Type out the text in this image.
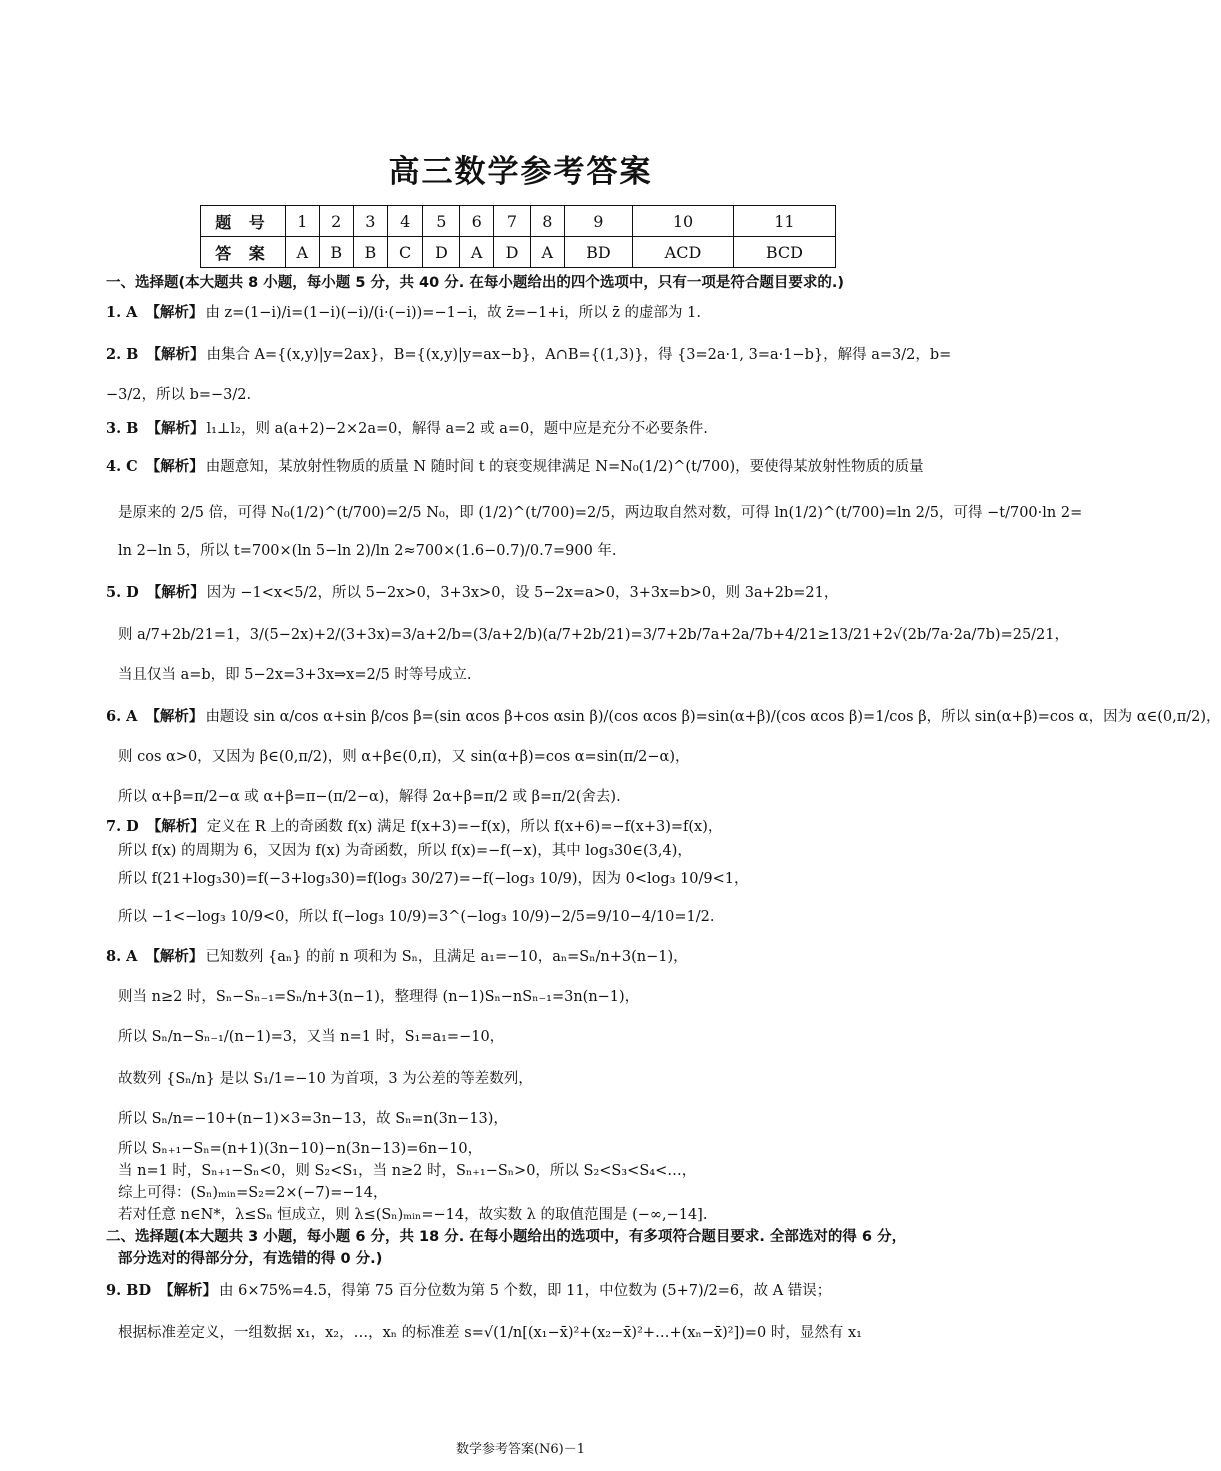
高三数学参考答案
题 号	1	2	3	4	5	6	7	8	9	10	11
答 案	A	B	B	C	D	A	D	A	BD	ACD	BCD
一、选择题(本大题共 8 小题，每小题 5 分，共 40 分. 在每小题给出的四个选项中，只有一项是符合题目要求的.)
1. A 【解析】 由 z=(1−i)/i=(1−i)(−i)/(i·(−i))=−1−i，故 z̄=−1+i，所以 z̄ 的虚部为 1.
2. B 【解析】 由集合 A={(x,y)|y=2ax}，B={(x,y)|y=ax−b}，A∩B={(1,3)}，得 {3=2a·1, 3=a·1−b}，解得 a=3/2，b=
−3/2，所以 b=−3/2.
3. B 【解析】 l₁⊥l₂，则 a(a+2)−2×2a=0，解得 a=2 或 a=0，题中应是充分不必要条件.
4. C 【解析】 由题意知，某放射性物质的质量 N 随时间 t 的衰变规律满足 N=N₀(1/2)^(t/700)，要使得某放射性物质的质量
是原来的 2/5 倍，可得 N₀(1/2)^(t/700)=2/5 N₀，即 (1/2)^(t/700)=2/5，两边取自然对数，可得 ln(1/2)^(t/700)=ln 2/5，可得 −t/700·ln 2=
ln 2−ln 5，所以 t=700×(ln 5−ln 2)/ln 2≈700×(1.6−0.7)/0.7=900 年.
5. D 【解析】 因为 −1<x<5/2，所以 5−2x>0，3+3x>0，设 5−2x=a>0，3+3x=b>0，则 3a+2b=21，
则 a/7+2b/21=1，3/(5−2x)+2/(3+3x)=3/a+2/b=(3/a+2/b)(a/7+2b/21)=3/7+2b/7a+2a/7b+4/21≥13/21+2√(2b/7a·2a/7b)=25/21，
当且仅当 a=b，即 5−2x=3+3x⇒x=2/5 时等号成立.
6. A 【解析】 由题设 sin α/cos α+sin β/cos β=(sin αcos β+cos αsin β)/(cos αcos β)=sin(α+β)/(cos αcos β)=1/cos β，所以 sin(α+β)=cos α，因为 α∈(0,π/2)，
则 cos α>0，又因为 β∈(0,π/2)，则 α+β∈(0,π)，又 sin(α+β)=cos α=sin(π/2−α)，
所以 α+β=π/2−α 或 α+β=π−(π/2−α)，解得 2α+β=π/2 或 β=π/2(舍去).
7. D 【解析】 定义在 R 上的奇函数 f(x) 满足 f(x+3)=−f(x)，所以 f(x+6)=−f(x+3)=f(x)，
所以 f(x) 的周期为 6，又因为 f(x) 为奇函数，所以 f(x)=−f(−x)，其中 log₃30∈(3,4)，
所以 f(21+log₃30)=f(−3+log₃30)=f(log₃ 30/27)=−f(−log₃ 10/9)，因为 0<log₃ 10/9<1，
所以 −1<−log₃ 10/9<0，所以 f(−log₃ 10/9)=3^(−log₃ 10/9)−2/5=9/10−4/10=1/2.
8. A 【解析】 已知数列 {aₙ} 的前 n 项和为 Sₙ，且满足 a₁=−10，aₙ=Sₙ/n+3(n−1)，
则当 n≥2 时，Sₙ−Sₙ₋₁=Sₙ/n+3(n−1)，整理得 (n−1)Sₙ−nSₙ₋₁=3n(n−1)，
所以 Sₙ/n−Sₙ₋₁/(n−1)=3，又当 n=1 时，S₁=a₁=−10，
故数列 {Sₙ/n} 是以 S₁/1=−10 为首项，3 为公差的等差数列，
所以 Sₙ/n=−10+(n−1)×3=3n−13，故 Sₙ=n(3n−13)，
所以 Sₙ₊₁−Sₙ=(n+1)(3n−10)−n(3n−13)=6n−10，
当 n=1 时，Sₙ₊₁−Sₙ<0，则 S₂<S₁，当 n≥2 时，Sₙ₊₁−Sₙ>0，所以 S₂<S₃<S₄<…，
综上可得：(Sₙ)ₘᵢₙ=S₂=2×(−7)=−14，
若对任意 n∈N*，λ≤Sₙ 恒成立，则 λ≤(Sₙ)ₘᵢₙ=−14，故实数 λ 的取值范围是 (−∞,−14].
二、选择题(本大题共 3 小题，每小题 6 分，共 18 分. 在每小题给出的选项中，有多项符合题目要求. 全部选对的得 6 分，
部分选对的得部分分，有选错的得 0 分.)
9. BD 【解析】 由 6×75%=4.5，得第 75 百分位数为第 5 个数，即 11，中位数为 (5+7)/2=6，故 A 错误；
根据标准差定义，一组数据 x₁，x₂，…，xₙ 的标准差 s=√(1/n[(x₁−x̄)²+(x₂−x̄)²+…+(xₙ−x̄)²])=0 时，显然有 x₁
数学参考答案(N6)－1
